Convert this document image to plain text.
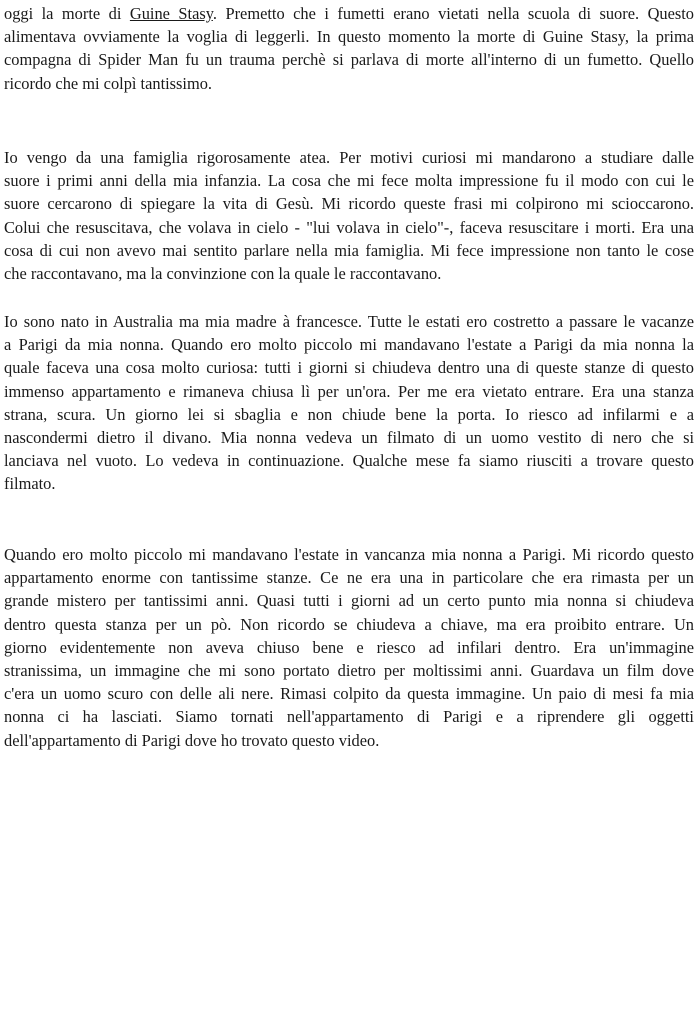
oggi la morte di Guine Stasy. Premetto che i fumetti erano vietati nella scuola di suore. Questo
alimentava ovviamente la voglia di leggerli. In questo momento la morte di Guine Stasy, la prima
compagna di Spider Man fu un trauma perchè si parlava di morte all'interno di un fumetto. Quello
ricordo che mi colpì tantissimo.

Io vengo da una famiglia rigorosamente atea. Per motivi curiosi mi mandarono a studiare dalle
suore i primi anni della mia infanzia. La cosa che mi fece molta impressione fu il modo con cui le
suore cercarono di spiegare la vita di Gesù. Mi ricordo queste frasi mi colpirono mi scioccarono.
Colui che resuscitava, che volava in cielo - "lui volava in cielo"-, faceva resuscitare i morti. Era una
cosa di cui non avevo mai sentito parlare nella mia famiglia. Mi fece impressione non tanto le cose
che raccontavano, ma la convinzione con la quale le raccontavano.

Io sono nato in Australia ma mia madre à francesce. Tutte le estati ero costretto a passare le vacanze
a Parigi da mia nonna. Quando ero molto piccolo mi mandavano l'estate a Parigi da mia nonna la
quale faceva una cosa molto curiosa: tutti i giorni si chiudeva dentro una di queste stanze di questo
immenso appartamento e rimaneva chiusa lì per un'ora. Per me era vietato entrare. Era una stanza
strana, scura. Un giorno lei si sbaglia e non chiude bene la porta. Io riesco ad infilarmi e a
nascondermi dietro il divano. Mia nonna vedeva un filmato di un uomo vestito di nero che si
lanciava nel vuoto. Lo vedeva in continuazione. Qualche mese fa siamo riusciti a trovare questo
filmato.

Quando ero molto piccolo mi mandavano l'estate in vancanza mia nonna a Parigi. Mi ricordo questo
appartamento enorme con tantissime stanze. Ce ne era una in particolare che era rimasta per un
grande mistero per tantissimi anni. Quasi tutti i giorni ad un certo punto mia nonna si chiudeva
dentro questa stanza per un pò. Non ricordo se chiudeva a chiave, ma era proibito entrare. Un
giorno evidentemente non aveva chiuso bene e riesco ad infilari dentro. Era un'immagine
stranissima, un immagine che mi sono portato dietro per moltissimi anni. Guardava un film dove
c'era un uomo scuro con delle ali nere. Rimasi colpito da questa immagine. Un paio di mesi fa mia
nonna ci ha lasciati. Siamo tornati nell'appartamento di Parigi e a riprendere gli oggetti
dell'appartamento di Parigi dove ho trovato questo video.
